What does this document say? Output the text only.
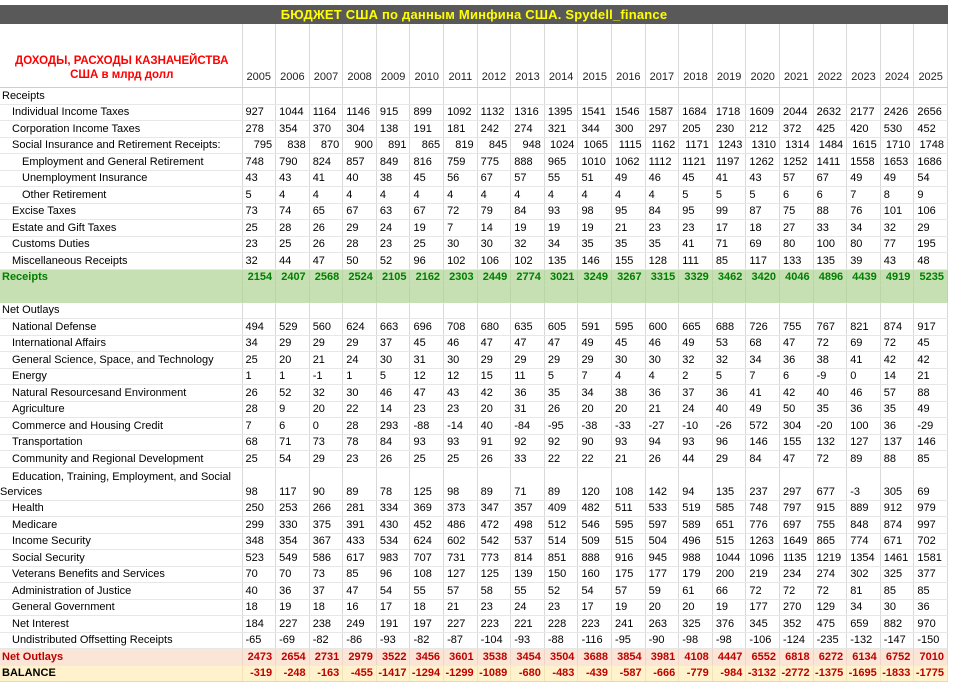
БЮДЖЕТ США по данным Минфина США. Spydell_finance
ДОХОДЫ, РАСХОДЫ КАЗНАЧЕЙСТВА
США в млрд долл	2005	2006	2007	2008	2009	2010	2011	2012	2013	2014	2015	2016	2017	2018	2019	2020	2021	2022	2023	2024	2025
Receipts																					
Individual Income Taxes	927	1044	1164	1146	915	899	1092	1132	1316	1395	1541	1546	1587	1684	1718	1609	2044	2632	2177	2426	2656
Corporation Income Taxes	278	354	370	304	138	191	181	242	274	321	344	300	297	205	230	212	372	425	420	530	452
Social Insurance and Retirement Receipts:	795	838	870	900	891	865	819	845	948	1024	1065	1115	1162	1171	1243	1310	1314	1484	1615	1710	1748
Employment and General Retirement	748	790	824	857	849	816	759	775	888	965	1010	1062	1112	1121	1197	1262	1252	1411	1558	1653	1686
Unemployment Insurance	43	43	41	40	38	45	56	67	57	55	51	49	46	45	41	43	57	67	49	49	54
Other Retirement	5	4	4	4	4	4	4	4	4	4	4	4	4	5	5	5	6	6	7	8	9
Excise Taxes	73	74	65	67	63	67	72	79	84	93	98	95	84	95	99	87	75	88	76	101	106
Estate and Gift Taxes	25	28	26	29	24	19	7	14	19	19	19	21	23	23	17	18	27	33	34	32	29
Customs Duties	23	25	26	28	23	25	30	30	32	34	35	35	35	41	71	69	80	100	80	77	195
Miscellaneous Receipts	32	44	47	50	52	96	102	106	102	135	146	155	128	111	85	117	133	135	39	43	48
Receipts	2154	2407	2568	2524	2105	2162	2303	2449	2774	3021	3249	3267	3315	3329	3462	3420	4046	4896	4439	4919	5235

Net Outlays																					
National Defense	494	529	560	624	663	696	708	680	635	605	591	595	600	665	688	726	755	767	821	874	917
International Affairs	34	29	29	29	37	45	46	47	47	47	49	45	46	49	53	68	47	72	69	72	45
General Science, Space, and Technology	25	20	21	24	30	31	30	29	29	29	29	30	30	32	32	34	36	38	41	42	42
Energy	1	1	-1	1	5	12	12	15	11	5	7	4	4	2	5	7	6	-9	0	14	21
Natural Resourcesand Environment	26	52	32	30	46	47	43	42	36	35	34	38	36	37	36	41	42	40	46	57	88
Agriculture	28	9	20	22	14	23	23	20	31	26	20	20	21	24	40	49	50	35	36	35	49
Commerce and Housing Credit	7	6	0	28	293	-88	-14	40	-84	-95	-38	-33	-27	-10	-26	572	304	-20	100	36	-29
Transportation	68	71	73	78	84	93	93	91	92	92	90	93	94	93	96	146	155	132	127	137	146
Community and Regional Development	25	54	29	23	26	25	25	26	33	22	22	21	26	44	29	84	47	72	89	88	85
Education, Training, Employment, and Social Services	98	117	90	89	78	125	98	89	71	89	120	108	142	94	135	237	297	677	-3	305	69
Health	250	253	266	281	334	369	373	347	357	409	482	511	533	519	585	748	797	915	889	912	979
Medicare	299	330	375	391	430	452	486	472	498	512	546	595	597	589	651	776	697	755	848	874	997
Income Security	348	354	367	433	534	624	602	542	537	514	509	515	504	496	515	1263	1649	865	774	671	702
Social Security	523	549	586	617	983	707	731	773	814	851	888	916	945	988	1044	1096	1135	1219	1354	1461	1581
Veterans Benefits and Services	70	70	73	85	96	108	127	125	139	150	160	175	177	179	200	219	234	274	302	325	377
Administration of Justice	40	36	37	47	54	55	57	58	55	52	54	57	59	61	66	72	72	72	81	85	85
General Government	18	19	18	16	17	18	21	23	24	23	17	19	20	20	19	177	270	129	34	30	36
Net Interest	184	227	238	249	191	197	227	223	221	228	223	241	263	325	376	345	352	475	659	882	970
Undistributed Offsetting Receipts	-65	-69	-82	-86	-93	-82	-87	-104	-93	-88	-116	-95	-90	-98	-98	-106	-124	-235	-132	-147	-150
Net Outlays	2473	2654	2731	2979	3522	3456	3601	3538	3454	3504	3688	3854	3981	4108	4447	6552	6818	6272	6134	6752	7010
BALANCE	-319	-248	-163	-455	-1417	-1294	-1299	-1089	-680	-483	-439	-587	-666	-779	-984	-3132	-2772	-1375	-1695	-1833	-1775
